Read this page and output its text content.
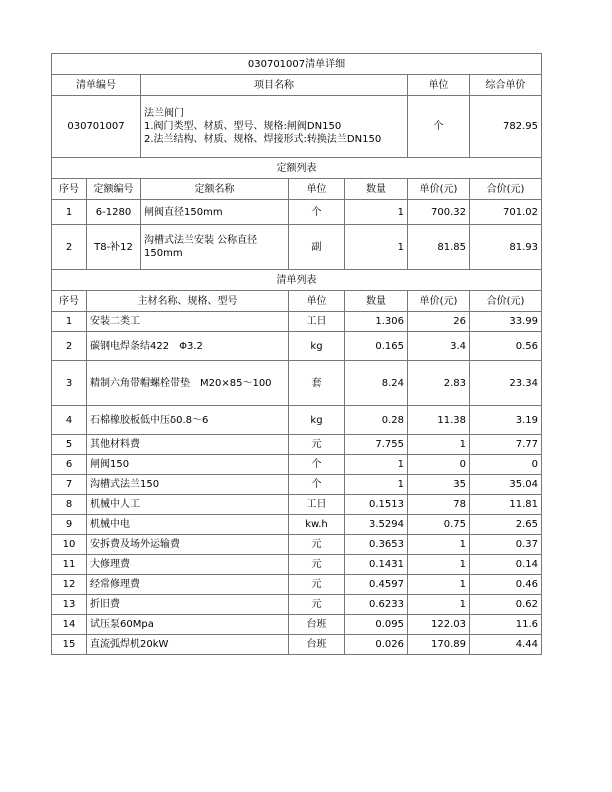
030701007清单详细						
清单编号		项目名称			单位	综合单价
030701007		法兰阀门
1.阀门类型、材质、型号、规格:闸阀DN150
2.法兰结构、材质、规格、焊接形式:转换法兰DN150			个	782.95
定额列表						
序号	定额编号	定额名称	单位	数量	单价(元)	合价(元)
1	6-1280	闸阀直径150mm	个	1	700.32	701.02
2	T8-补12	沟槽式法兰安装 公称直径150mm	副	1	81.85	81.93
清单列表						
序号	主材名称、规格、型号		单位	数量	单价(元)	合价(元)
1	安装二类工		工日	1.306	26	33.99
2	碳钢电焊条结422　Φ3.2		kg	0.165	3.4	0.56
3	精制六角带帽螺栓带垫　M20×85～100		套	8.24	2.83	23.34
4	石棉橡胶板低中压δ0.8～6		kg	0.28	11.38	3.19
5	其他材料费		元	7.755	1	7.77
6	闸阀150		个	1	0	0
7	沟槽式法兰150		个	1	35	35.04
8	机械中人工		工日	0.1513	78	11.81
9	机械中电		kw.h	3.5294	0.75	2.65
10	安拆费及场外运输费		元	0.3653	1	0.37
11	大修理费		元	0.1431	1	0.14
12	经常修理费		元	0.4597	1	0.46
13	折旧费		元	0.6233	1	0.62
14	试压泵60Mpa		台班	0.095	122.03	11.6
15	直流弧焊机20kW		台班	0.026	170.89	4.44
